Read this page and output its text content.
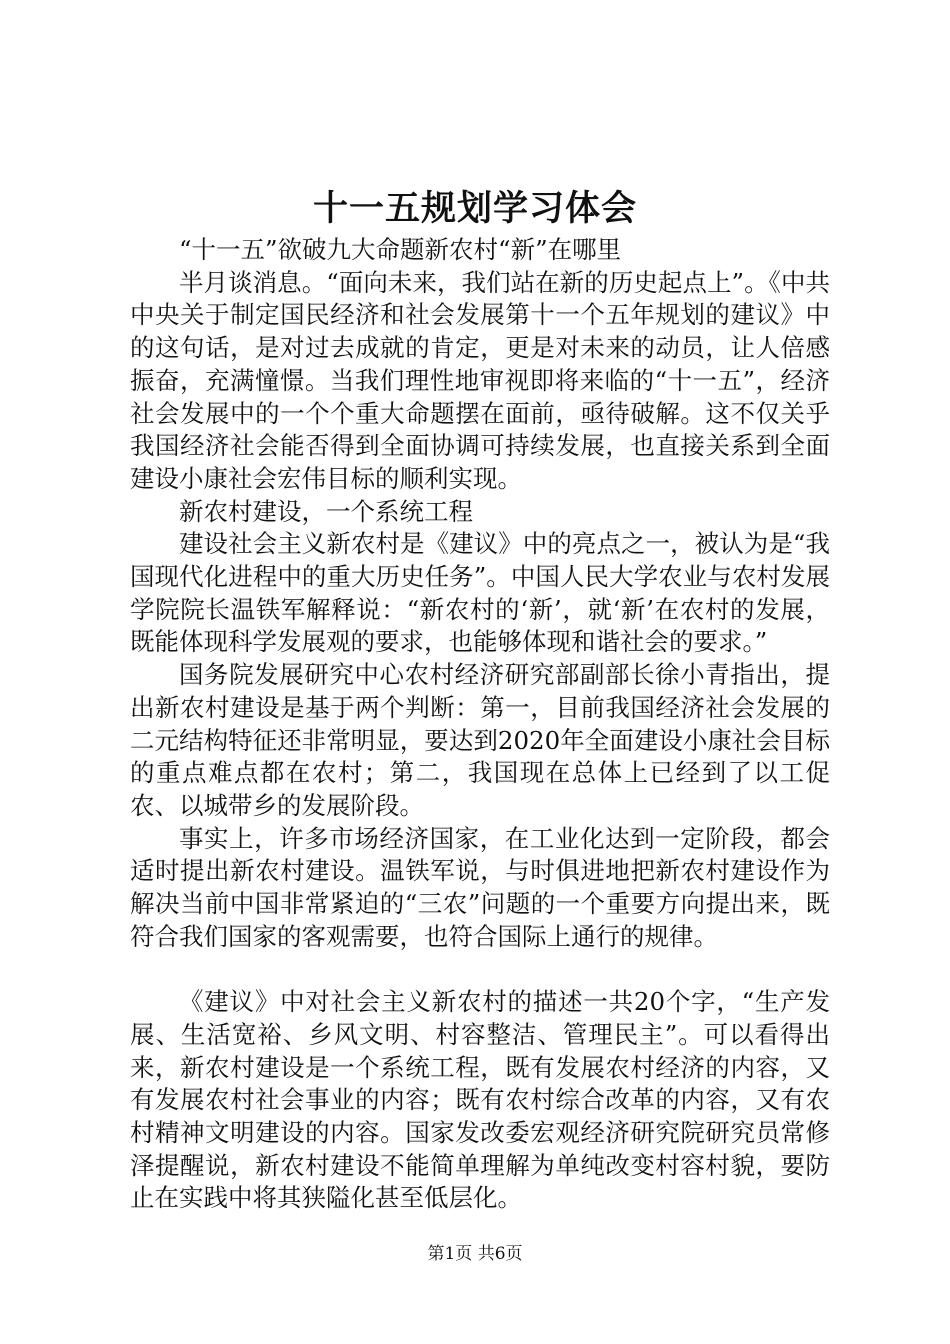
十一五规划学习体会

“十一五”欲破九大命题新农村“新”在哪里

半月谈消息。“面向未来，我们站在新的历史起点上”。《中共中央关于制定国民经济和社会发展第十一个五年规划的建议》中的这句话，是对过去成就的肯定，更是对未来的动员，让人倍感振奋，充满憧憬。当我们理性地审视即将来临的“十一五”，经济社会发展中的一个个重大命题摆在面前，亟待破解。这不仅关乎我国经济社会能否得到全面协调可持续发展，也直接关系到全面建设小康社会宏伟目标的顺利实现。

新农村建设，一个系统工程

建设社会主义新农村是《建议》中的亮点之一，被认为是“我国现代化进程中的重大历史任务”。中国人民大学农业与农村发展学院院长温铁军解释说：“新农村的‘新’，就‘新’在农村的发展，既能体现科学发展观的要求，也能够体现和谐社会的要求。”

国务院发展研究中心农村经济研究部副部长徐小青指出，提出新农村建设是基于两个判断：第一，目前我国经济社会发展的二元结构特征还非常明显，要达到2020年全面建设小康社会目标的重点难点都在农村；第二，我国现在总体上已经到了以工促农、以城带乡的发展阶段。

事实上，许多市场经济国家，在工业化达到一定阶段，都会适时提出新农村建设。温铁军说，与时俱进地把新农村建设作为解决当前中国非常紧迫的“三农”问题的一个重要方向提出来，既符合我们国家的客观需要，也符合国际上通行的规律。

《建议》中对社会主义新农村的描述一共20个字，“生产发展、生活宽裕、乡风文明、村容整洁、管理民主”。可以看得出来，新农村建设是一个系统工程，既有发展农村经济的内容，又有发展农村社会事业的内容；既有农村综合改革的内容，又有农村精神文明建设的内容。国家发改委宏观经济研究院研究员常修泽提醒说，新农村建设不能简单理解为单纯改变村容村貌，要防止在实践中将其狭隘化甚至低层化。

第1页 共6页
